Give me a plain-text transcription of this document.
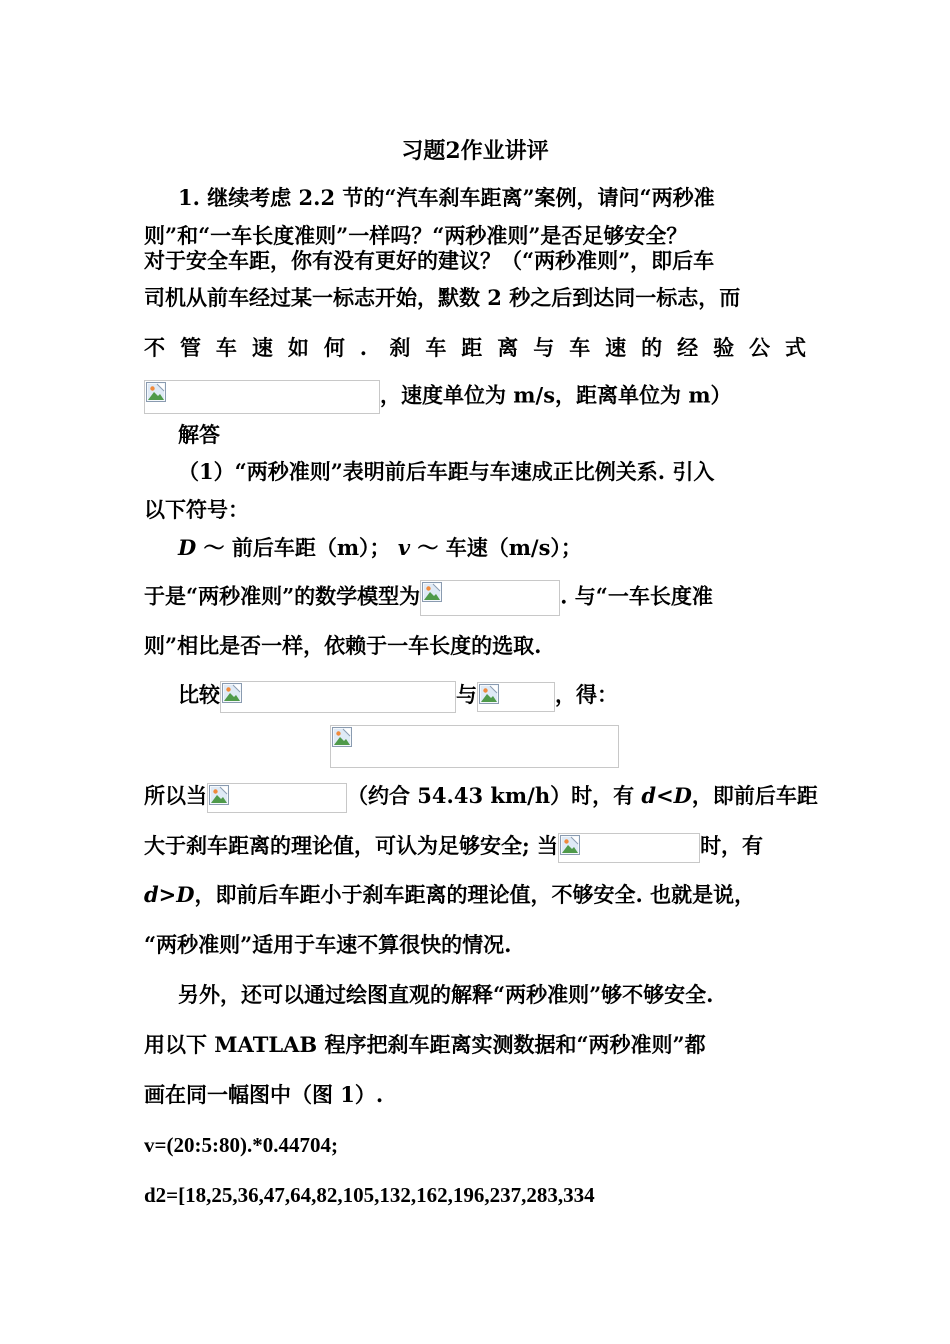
习题2作业讲评
1. 继续考虑 2.2 节的“汽车刹车距离”案例，请问“两秒准
则”和“一车长度准则”一样吗？“两秒准则”是否足够安全？
对于安全车距，你有没有更好的建议？（“两秒准则”，即后车
司机从前车经过某一标志开始，默数 2 秒之后到达同一标志，而
不管车速如何. 刹车距离与车速的经验公式
，速度单位为 m/s，距离单位为 m）
解答
（1）“两秒准则”表明前后车距与车速成正比例关系. 引入
以下符号：
D ～ 前后车距（m）； v ～ 车速（m/s）；
于是“两秒准则”的数学模型为	. 与“一车长度准
则”相比是否一样，依赖于一车长度的选取.
比较	与	，得：
所以当	（约合 54.43 km/h）时，有 d<D，即前后车距
大于刹车距离的理论值，可认为足够安全; 当	时，有
d>D，即前后车距小于刹车距离的理论值，不够安全. 也就是说，
“两秒准则”适用于车速不算很快的情况.
另外，还可以通过绘图直观的解释“两秒准则”够不够安全.
用以下 MATLAB 程序把刹车距离实测数据和“两秒准则”都
画在同一幅图中（图 1）.
v=(20:5:80).*0.44704;
d2=[18,25,36,47,64,82,105,132,162,196,237,283,334
